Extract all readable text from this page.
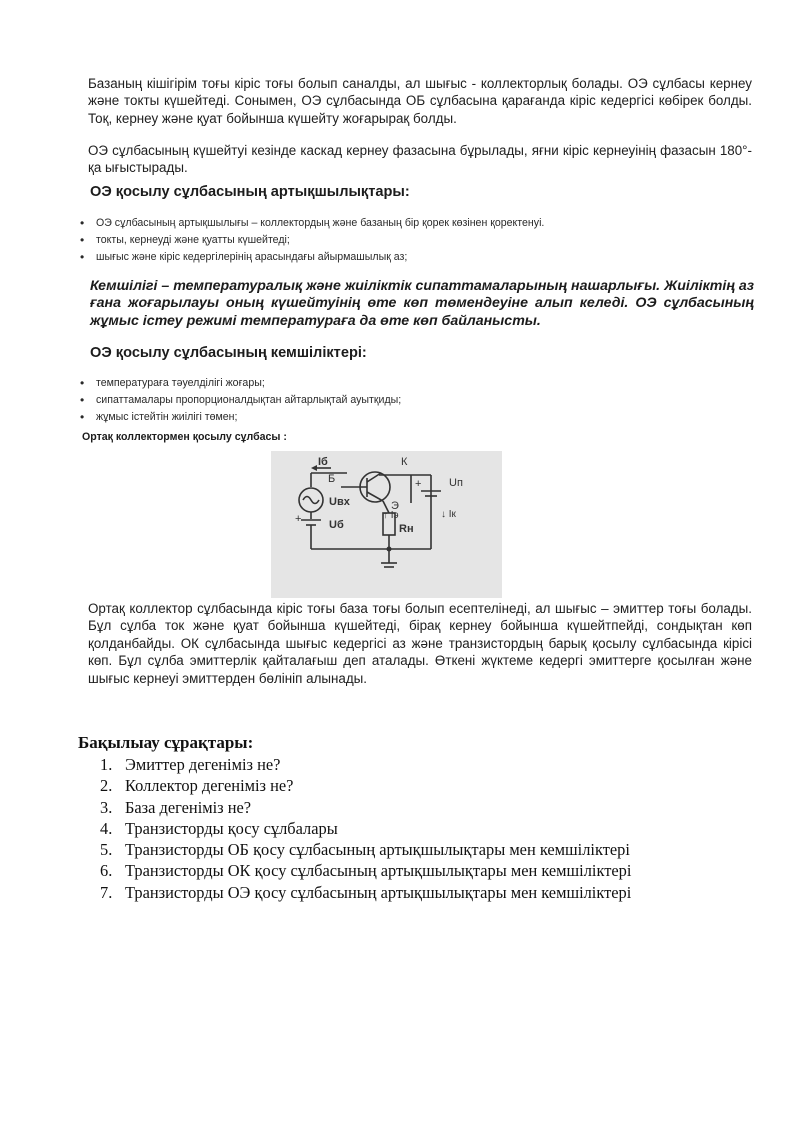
Базаның кішігірім тоғы кіріс тоғы болып саналды, ал шығыс - коллекторлық болады. ОЭ сұлбасы кернеу және токты күшейтеді. Сонымен, ОЭ сұлбасында ОБ сұлбасына қарағанда кіріс кедергісі көбірек болды. Тоқ, кернеу және қуат бойынша күшейту жоғарырақ болды.
ОЭ сұлбасының күшейтуі кезінде каскад кернеу фазасына бұрылады, яғни кіріс кернеуінің фазасын 180°- қа ығыстырады.
ОЭ қосылу сұлбасының артықшылықтары:
• ОЭ сұлбасының артықшылығы – коллектордың және базаның бір қорек көзінен қоректенуі.
• токты, кернеуді және қуатты күшейтеді;
• шығыс және кіріс кедергілерінің арасындағы айырмашылық аз;
Кемшілігі – температуралық және жиіліктік сипаттамаларының нашарлығы. Жиіліктің аз ғана жоғарылауы оның күшейтуінің өте көп төмендеуіне алып келеді. ОЭ сұлбасының жұмыс істеу режимі температураға да өте көп байланысты.
ОЭ қосылу сұлбасының кемшіліктері:
• температураға тәуелділігі жоғары;
• сипаттамалары пропорционалдықтан айтарлықтай ауытқиды;
• жұмыс істейтін жиілігі төмен;
Ортақ коллектормен қосылу сұлбасы :
Iб
Б
К
Э
Uп
Uвх
Uб
↑ Iэ	↓ Iк
Rн
+
+
Ортақ коллектор сұлбасында кіріс тоғы база тоғы болып есептелінеді, ал шығыс – эмиттер тоғы болады. Бұл сұлба ток және қуат бойынша күшейтеді, бірақ кернеу бойынша күшейтпейді, сондықтан көп қолданбайды. ОК сұлбасында шығыс кедергісі аз және транзистордың барық қосылу сұлбасында кірісі көп. Бұл сұлба эмиттерлік қайталағыш деп аталады. Өткені жүктеме кедергі эмиттерге қосылған және шығыс кернеуі эмиттерден бөлініп алынады.
Бақылыау сұрақтары:
1. Эмиттер дегеніміз не?
2. Коллектор дегеніміз не?
3. База дегеніміз не?
4. Транзисторды қосу сұлбалары
5. Транзисторды ОБ қосу сұлбасының артықшылықтары мен кемшіліктері
6. Транзисторды ОК қосу сұлбасының артықшылықтары мен кемшіліктері
7. Транзисторды ОЭ қосу сұлбасының артықшылықтары мен кемшіліктері
